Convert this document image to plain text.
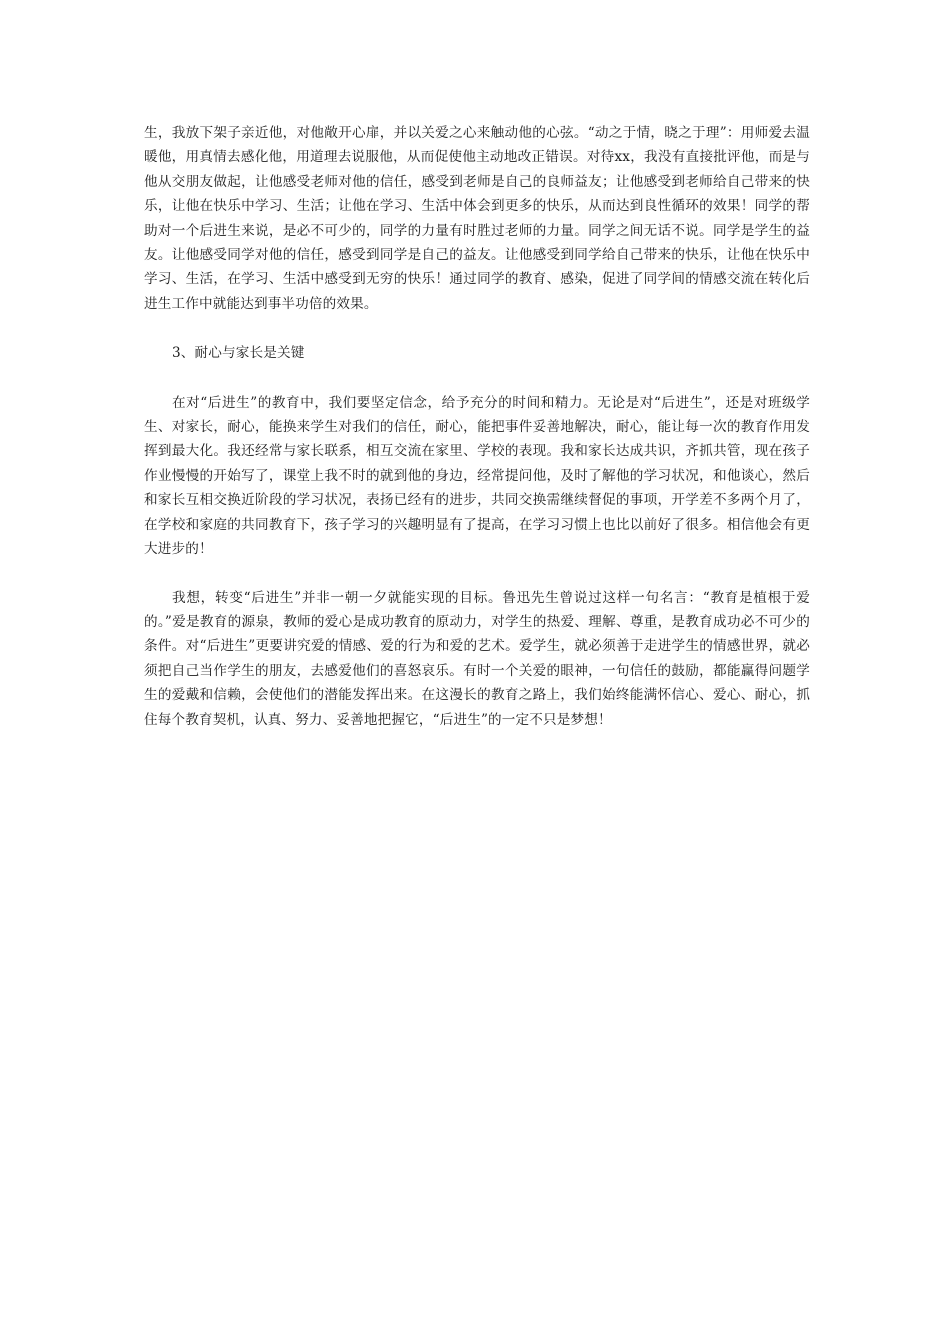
生，我放下架子亲近他，对他敞开心扉，并以关爱之心来触动他的心弦。“动之于情，晓之于理”：用师爱去温暖他，用真情去感化他，用道理去说服他，从而促使他主动地改正错误。对待xx，我没有直接批评他，而是与他从交朋友做起，让他感受老师对他的信任，感受到老师是自己的良师益友；让他感受到老师给自己带来的快乐，让他在快乐中学习、生活；让他在学习、生活中体会到更多的快乐，从而达到良性循环的效果！同学的帮助对一个后进生来说，是必不可少的，同学的力量有时胜过老师的力量。同学之间无话不说。同学是学生的益友。让他感受同学对他的信任，感受到同学是自己的益友。让他感受到同学给自己带来的快乐，让他在快乐中学习、生活，在学习、生活中感受到无穷的快乐！通过同学的教育、感染，促进了同学间的情感交流在转化后进生工作中就能达到事半功倍的效果。

3、耐心与家长是关键

在对“后进生”的教育中，我们要坚定信念，给予充分的时间和精力。无论是对“后进生”，还是对班级学生、对家长，耐心，能换来学生对我们的信任，耐心，能把事件妥善地解决，耐心，能让每一次的教育作用发挥到最大化。我还经常与家长联系，相互交流在家里、学校的表现。我和家长达成共识，齐抓共管，现在孩子作业慢慢的开始写了，课堂上我不时的就到他的身边，经常提问他，及时了解他的学习状况，和他谈心，然后和家长互相交换近阶段的学习状况，表扬已经有的进步，共同交换需继续督促的事项，开学差不多两个月了，在学校和家庭的共同教育下，孩子学习的兴趣明显有了提高，在学习习惯上也比以前好了很多。相信他会有更大进步的！

我想，转变“后进生”并非一朝一夕就能实现的目标。鲁迅先生曾说过这样一句名言：“教育是植根于爱的。”爱是教育的源泉，教师的爱心是成功教育的原动力，对学生的热爱、理解、尊重，是教育成功必不可少的条件。对“后进生”更要讲究爱的情感、爱的行为和爱的艺术。爱学生，就必须善于走进学生的情感世界，就必须把自己当作学生的朋友，去感爱他们的喜怒哀乐。有时一个关爱的眼神，一句信任的鼓励，都能赢得问题学生的爱戴和信赖，会使他们的潜能发挥出来。在这漫长的教育之路上，我们始终能满怀信心、爱心、耐心，抓住每个教育契机，认真、努力、妥善地把握它，“后进生”的一定不只是梦想！
